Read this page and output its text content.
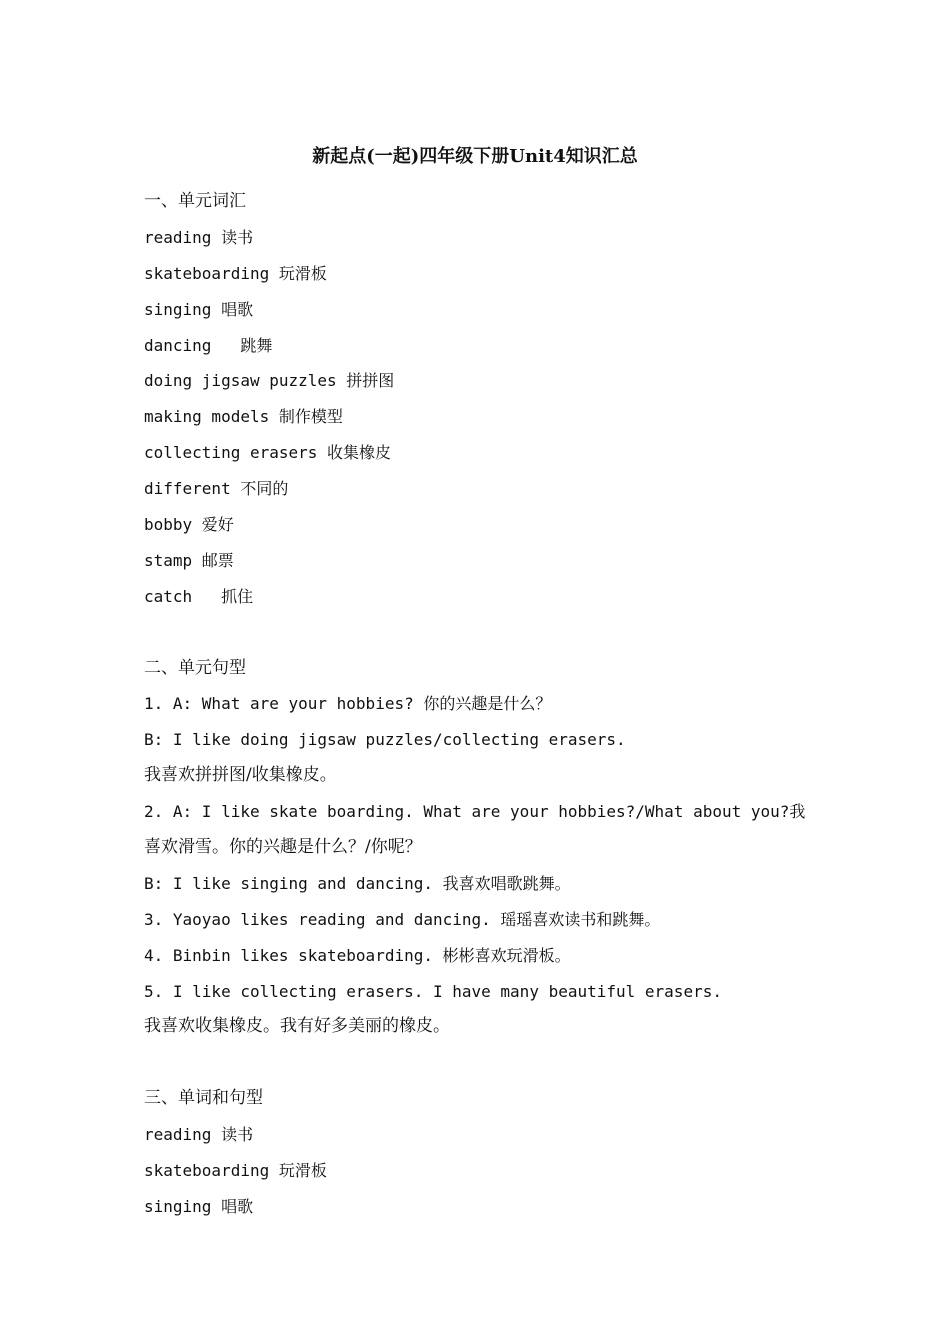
新起点(一起)四年级下册Unit4知识汇总
一、单元词汇
reading 读书
skateboarding 玩滑板
singing 唱歌
dancing   跳舞
doing jigsaw puzzles 拼拼图
making models 制作模型
collecting erasers 收集橡皮
different 不同的
bobby 爱好
stamp 邮票
catch   抓住
二、单元句型
1. A: What are your hobbies? 你的兴趣是什么？
B: I like doing jigsaw puzzles/collecting erasers.
我喜欢拼拼图/收集橡皮。
2. A: I like skate boarding. What are your hobbies?/What about you?我
喜欢滑雪。你的兴趣是什么？/你呢？
B: I like singing and dancing. 我喜欢唱歌跳舞。
3. Yaoyao likes reading and dancing. 瑶瑶喜欢读书和跳舞。
4. Binbin likes skateboarding. 彬彬喜欢玩滑板。
5. I like collecting erasers. I have many beautiful erasers.
我喜欢收集橡皮。我有好多美丽的橡皮。
三、单词和句型
reading 读书
skateboarding 玩滑板
singing 唱歌
